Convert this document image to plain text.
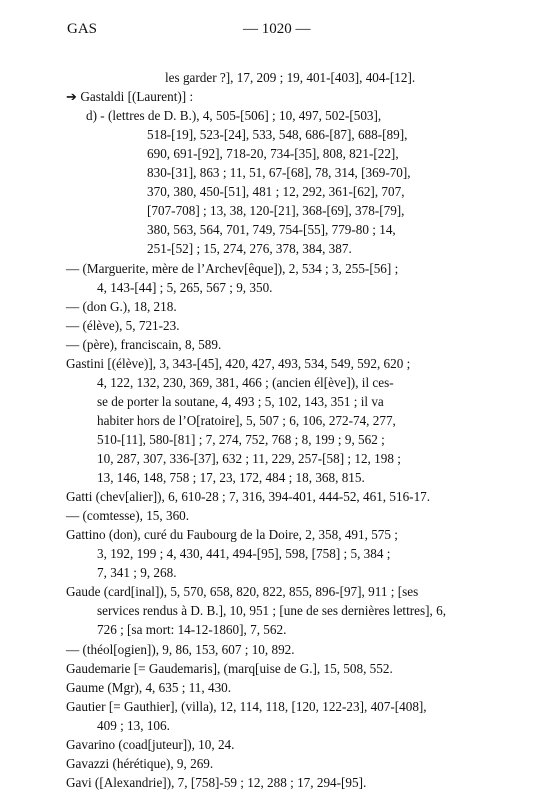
GAS	— 1020 —
les garder ?], 17, 209 ; 19, 401-[403], 404-[12].
➔ Gastaldi [(Laurent)] :
d) - (lettres de D. B.), 4, 505-[506] ; 10, 497, 502-[503],
518-[19], 523-[24], 533, 548, 686-[87], 688-[89],
690, 691-[92], 718-20, 734-[35], 808, 821-[22],
830-[31], 863 ; 11, 51, 67-[68], 78, 314, [369-70],
370, 380, 450-[51], 481 ; 12, 292, 361-[62], 707,
[707-708] ; 13, 38, 120-[21], 368-[69], 378-[79],
380, 563, 564, 701, 749, 754-[55], 779-80 ; 14,
251-[52] ; 15, 274, 276, 378, 384, 387.
— (Marguerite, mère de l’Archev[êque]), 2, 534 ; 3, 255-[56] ;
4, 143-[44] ; 5, 265, 567 ; 9, 350.
— (don G.), 18, 218.
— (élève), 5, 721-23.
— (père), franciscain, 8, 589.
Gastini [(élève)], 3, 343-[45], 420, 427, 493, 534, 549, 592, 620 ;
4, 122, 132, 230, 369, 381, 466 ; (ancien él[ève]), il ces-
se de porter la soutane, 4, 493 ; 5, 102, 143, 351 ; il va
habiter hors de l’O[ratoire], 5, 507 ; 6, 106, 272-74, 277,
510-[11], 580-[81] ; 7, 274, 752, 768 ; 8, 199 ; 9, 562 ;
10, 287, 307, 336-[37], 632 ; 11, 229, 257-[58] ; 12, 198 ;
13, 146, 148, 758 ; 17, 23, 172, 484 ; 18, 368, 815.
Gatti (chev[alier]), 6, 610-28 ; 7, 316, 394-401, 444-52, 461, 516-17.
— (comtesse), 15, 360.
Gattino (don), curé du Faubourg de la Doire, 2, 358, 491, 575 ;
3, 192, 199 ; 4, 430, 441, 494-[95], 598, [758] ; 5, 384 ;
7, 341 ; 9, 268.
Gaude (card[inal]), 5, 570, 658, 820, 822, 855, 896-[97], 911 ; [ses
services rendus à D. B.], 10, 951 ; [une de ses dernières lettres], 6,
726 ; [sa mort: 14-12-1860], 7, 562.
— (théol[ogien]), 9, 86, 153, 607 ; 10, 892.
Gaudemarie [= Gaudemaris], (marq[uise de G.], 15, 508, 552.
Gaume (Mgr), 4, 635 ; 11, 430.
Gautier [= Gauthier], (villa), 12, 114, 118, [120, 122-23], 407-[408],
409 ; 13, 106.
Gavarino (coad[juteur]), 10, 24.
Gavazzi (hérétique), 9, 269.
Gavi ([Alexandrie]), 7, [758]-59 ; 12, 288 ; 17, 294-[95].
